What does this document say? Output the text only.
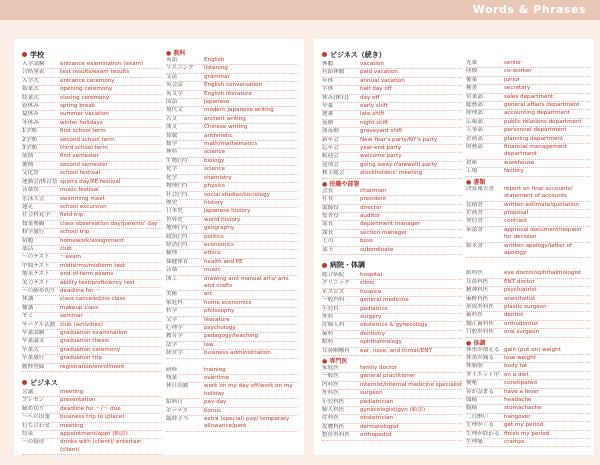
Words & Phrases
学校
入学試験	entrance examination (exam)
合格発表	test results/exam results
入学式	entrance ceremony
始業式	opening ceremony
終業式	closing ceremony
春休み	spring break
夏休み	summer vacation
冬休み	winter holidays
1学期	first school term
2学期	second school term
3学期	third school term
前期	first semester
後期	second semester
文化祭	school festival
運動会/体育祭 sports day/PE festival
音楽祭	music festival
水泳大会	swimming meet
遠足	school excursion
社会科見学	field trip
授業参観	class observation day/parents' day
修学旅行	school trip
宿題	homework/assignment
部活	club
～のテスト	～exam
中間テスト	midterms/midterm test
期末テスト	end-of-term exams
実力テスト	ability test/proficiency test
～の締め切り deadline for ～
休講	class canceled/no class
補講	makeup class
ゼミ	seminar
サークル活動 club (activities)
卒業試験	graduation examination
卒業論文	graduation thesis
卒業式	graduation ceremony
卒業旅行	graduation trip
履修登録	registration/enrollment
ビジネス
会議	meeting
プレゼン	presentation
締め切り	deadline for ～/～ due
～への出張	business trip to (place)
打ち合わせ	meeting
約束	appointment/appt (略語)
～の接待	drinks with (client)/ entertain (client)
● 教科
英語	English
リスニング	listening
文法	grammar
英会話	English conversation
英文学	English literature
国語	Japanese
現代文	modern Japanese writing
古文	ancient writing
漢文	Chinese writing
算数	arithmetic
数学	math/mathematics
理科	science
生物(学)	biology
化学	science
化学	chemistry
物理(学)	physics
社会(学)	social studies/sociology
歴史	history
日本史	Japanese history
世界史	world history
地理(学)	geography
政治(学)	politics
経済(学)	economics
倫理	ethics
保健体育	health and PE
音楽	music
図工	drawing and manual arts/ arts and crafts
美術	art
家庭科	home economics
哲学	philosophy
文学	literature
心理学	psychology
教育学	pedagogy/teaching
法学	law
経営学	business administration
研修	training
残業	overtime
休日出勤	work on my day off/work on my holiday
給料日	pay-day
ボーナス	bonus
臨時手当	extra (special) pay/ temporary allowance/perk
ビジネス（続き）
休暇	vacation
有給休暇	paid vacation
年休	annual vacation
半休	half day off
休み(休日)	day off
早番	early shift
遅番	late shift
夜勤	night shift
深夜勤	graveyard shift
新年会	New Year's party/NY's party
忘年会	year-end party
歓迎会	welcome party
送別会	going away (farewell) party
株主総会	stockholders' meeting
● 役職や部署
会長	chairman
社長	president
取締役	director
監査役	auditor
部長	department manager
課長	section manager
上司	boss
部下	subordinate
病院・体調
総合病院	hospital
クリニック	clinic
ホスピス	hospice
一般内科	general medicine
小児科	pediatrics
外科	surgery
産婦人科	obstetrics & gynecology
歯科	dentistry
眼科	ophthalmology
耳鼻咽喉科	ear, nose, and throat/ENT
● 専門医
家庭医	family doctor
一般医	general practitioner
内科医	internist/internal medicine specialist
外科医	surgeon
小児科医	pediatrician
婦人科医	gynecologist/gyn (略語)
産科医	obstetrician
皮膚科医	dermatologist
整形外科医	orthopedist
先輩	senior
同僚	co-worker
後輩	junior
秘書	secretary
営業部	sales department
総務部	general affairs department
経理部	accounting department
広報部	public relations department
人事部	personnel department
企画部	planning department
財務部	financial management department
倉庫	warehouse
工場	factory
● 書類
決算報告書	report on final accounts/ statement of accounts
見積書	written estimate/quotation
企画書	proposal
契約書	contract
承認書	approval document/request for decision
始末書	written apology/letter of apology
眼科医	eye doctor/ophthalmologist
耳鼻科医	ENT doctor
精神科医	psychiatrist
麻酔科医	anesthetist
形成外科医	plastic surgeon
歯科医	dentist
矯正歯科医	orthodontist
口腔外科医	oral surgeon
● 体調
体重が増える gain (put on) weight
体重が減る	lose weight
体脂肪	body fat
ダイエット中 on a diet
便秘	constipated
鼻が詰まる	have a fever
頭痛	headache
腹痛	stomachache
二日酔い	hangover
生理がくる	get my period
生理が終わる finish my period
生理痛	cramps
